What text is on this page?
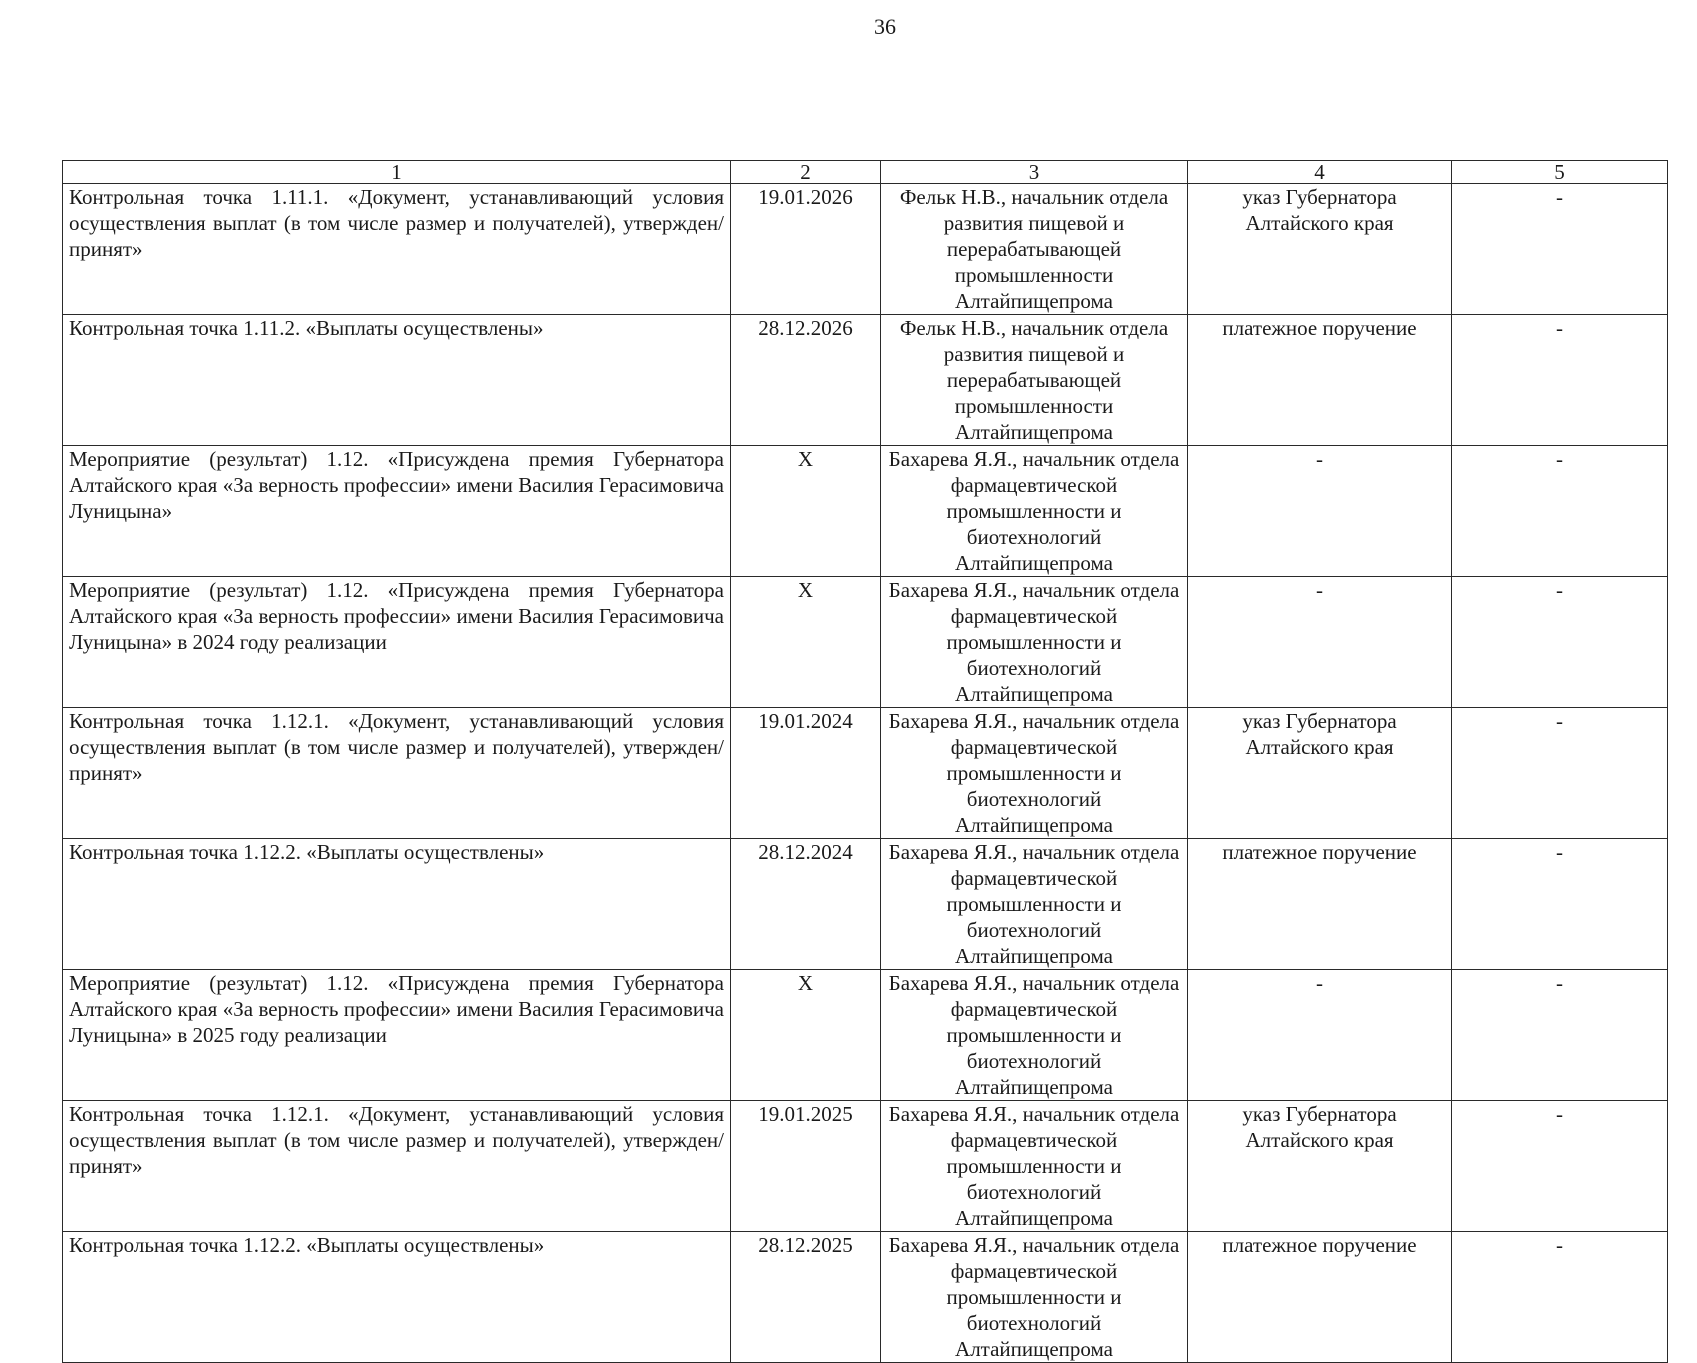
36
1	2	3	4	5
Контрольная точка 1.11.1. «Документ, устанавливающий условия осуществления выплат (в том числе размер и получателей), утвержден/принят»	19.01.2026	Фельк Н.В., начальник отдела развития пищевой и перерабатывающей промышленности Алтайпищепрома	указ Губернатора Алтайского края	-
Контрольная точка 1.11.2. «Выплаты осуществлены»	28.12.2026	Фельк Н.В., начальник отдела развития пищевой и перерабатывающей промышленности Алтайпищепрома	платежное поручение	-
Мероприятие (результат) 1.12. «Присуждена премия Губернатора Алтайского края «За верность профессии» имени Василия Герасимовича Луницына»	X	Бахарева Я.Я., начальник отдела фармацевтической промышленности и биотехнологий Алтайпищепрома	-	-
Мероприятие (результат) 1.12. «Присуждена премия Губернатора Алтайского края «За верность профессии» имени Василия Герасимовича Луницына» в 2024 году реализации	X	Бахарева Я.Я., начальник отдела фармацевтической промышленности и биотехнологий Алтайпищепрома	-	-
Контрольная точка 1.12.1. «Документ, устанавливающий условия осуществления выплат (в том числе размер и получателей), утвержден/принят»	19.01.2024	Бахарева Я.Я., начальник отдела фармацевтической промышленности и биотехнологий Алтайпищепрома	указ Губернатора Алтайского края	-
Контрольная точка 1.12.2. «Выплаты осуществлены»	28.12.2024	Бахарева Я.Я., начальник отдела фармацевтической промышленности и биотехнологий Алтайпищепрома	платежное поручение	-
Мероприятие (результат) 1.12. «Присуждена премия Губернатора Алтайского края «За верность профессии» имени Василия Герасимовича Луницына» в 2025 году реализации	X	Бахарева Я.Я., начальник отдела фармацевтической промышленности и биотехнологий Алтайпищепрома	-	-
Контрольная точка 1.12.1. «Документ, устанавливающий условия осуществления выплат (в том числе размер и получателей), утвержден/принят»	19.01.2025	Бахарева Я.Я., начальник отдела фармацевтической промышленности и биотехнологий Алтайпищепрома	указ Губернатора Алтайского края	-
Контрольная точка 1.12.2. «Выплаты осуществлены»	28.12.2025	Бахарева Я.Я., начальник отдела фармацевтической промышленности и биотехнологий Алтайпищепрома	платежное поручение	-
